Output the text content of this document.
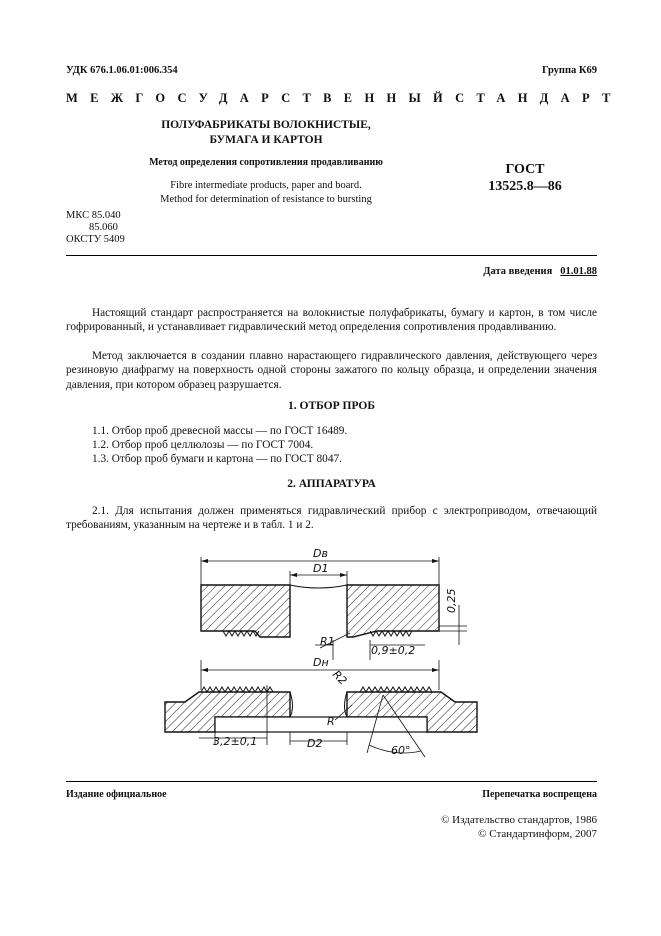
УДК 676.1.06.01:006.354	Группа К69
МЕЖГОСУДАРСТВЕННЫЙ СТАНДАРТ
ПОЛУФАБРИКАТЫ ВОЛОКНИСТЫЕ,
БУМАГА И КАРТОН
Метод определения сопротивления продавливанию
Fibre intermediate products, paper and board.
Method for determination of resistance to bursting
ГОСТ
13525.8—86
МКС 85.040
85.060
ОКСТУ 5409
Дата введения 01.01.88
Настоящий стандарт распространяется на волокнистые полуфабрикаты, бумагу и картон, в том числе гофрированный, и устанавливает гидравлический метод определения сопротивления продавливанию.
Метод заключается в создании плавно нарастающего гидравлического давления, действующего через резиновую диафрагму на поверхность одной стороны зажатого по кольцу образца, и определении значения давления, при котором образец разрушается.
1. ОТБОР ПРОБ
1.1. Отбор проб древесной массы — по ГОСТ 16489.
1.2. Отбор проб целлюлозы — по ГОСТ 7004.
1.3. Отбор проб бумаги и картона — по ГОСТ 8047.
2. АППАРАТУРА
2.1. Для испытания должен применяться гидравлический прибор с электроприводом, отвечающий требованиям, указанным на чертеже и в табл. 1 и 2.
Dв
D1
0,25
R1
0,9±0,2
Dн
R2
3,2±0,1	D2
R
60°
Издание официальное	Перепечатка воспрещена
© Издательство стандартов, 1986
© Стандартинформ, 2007
